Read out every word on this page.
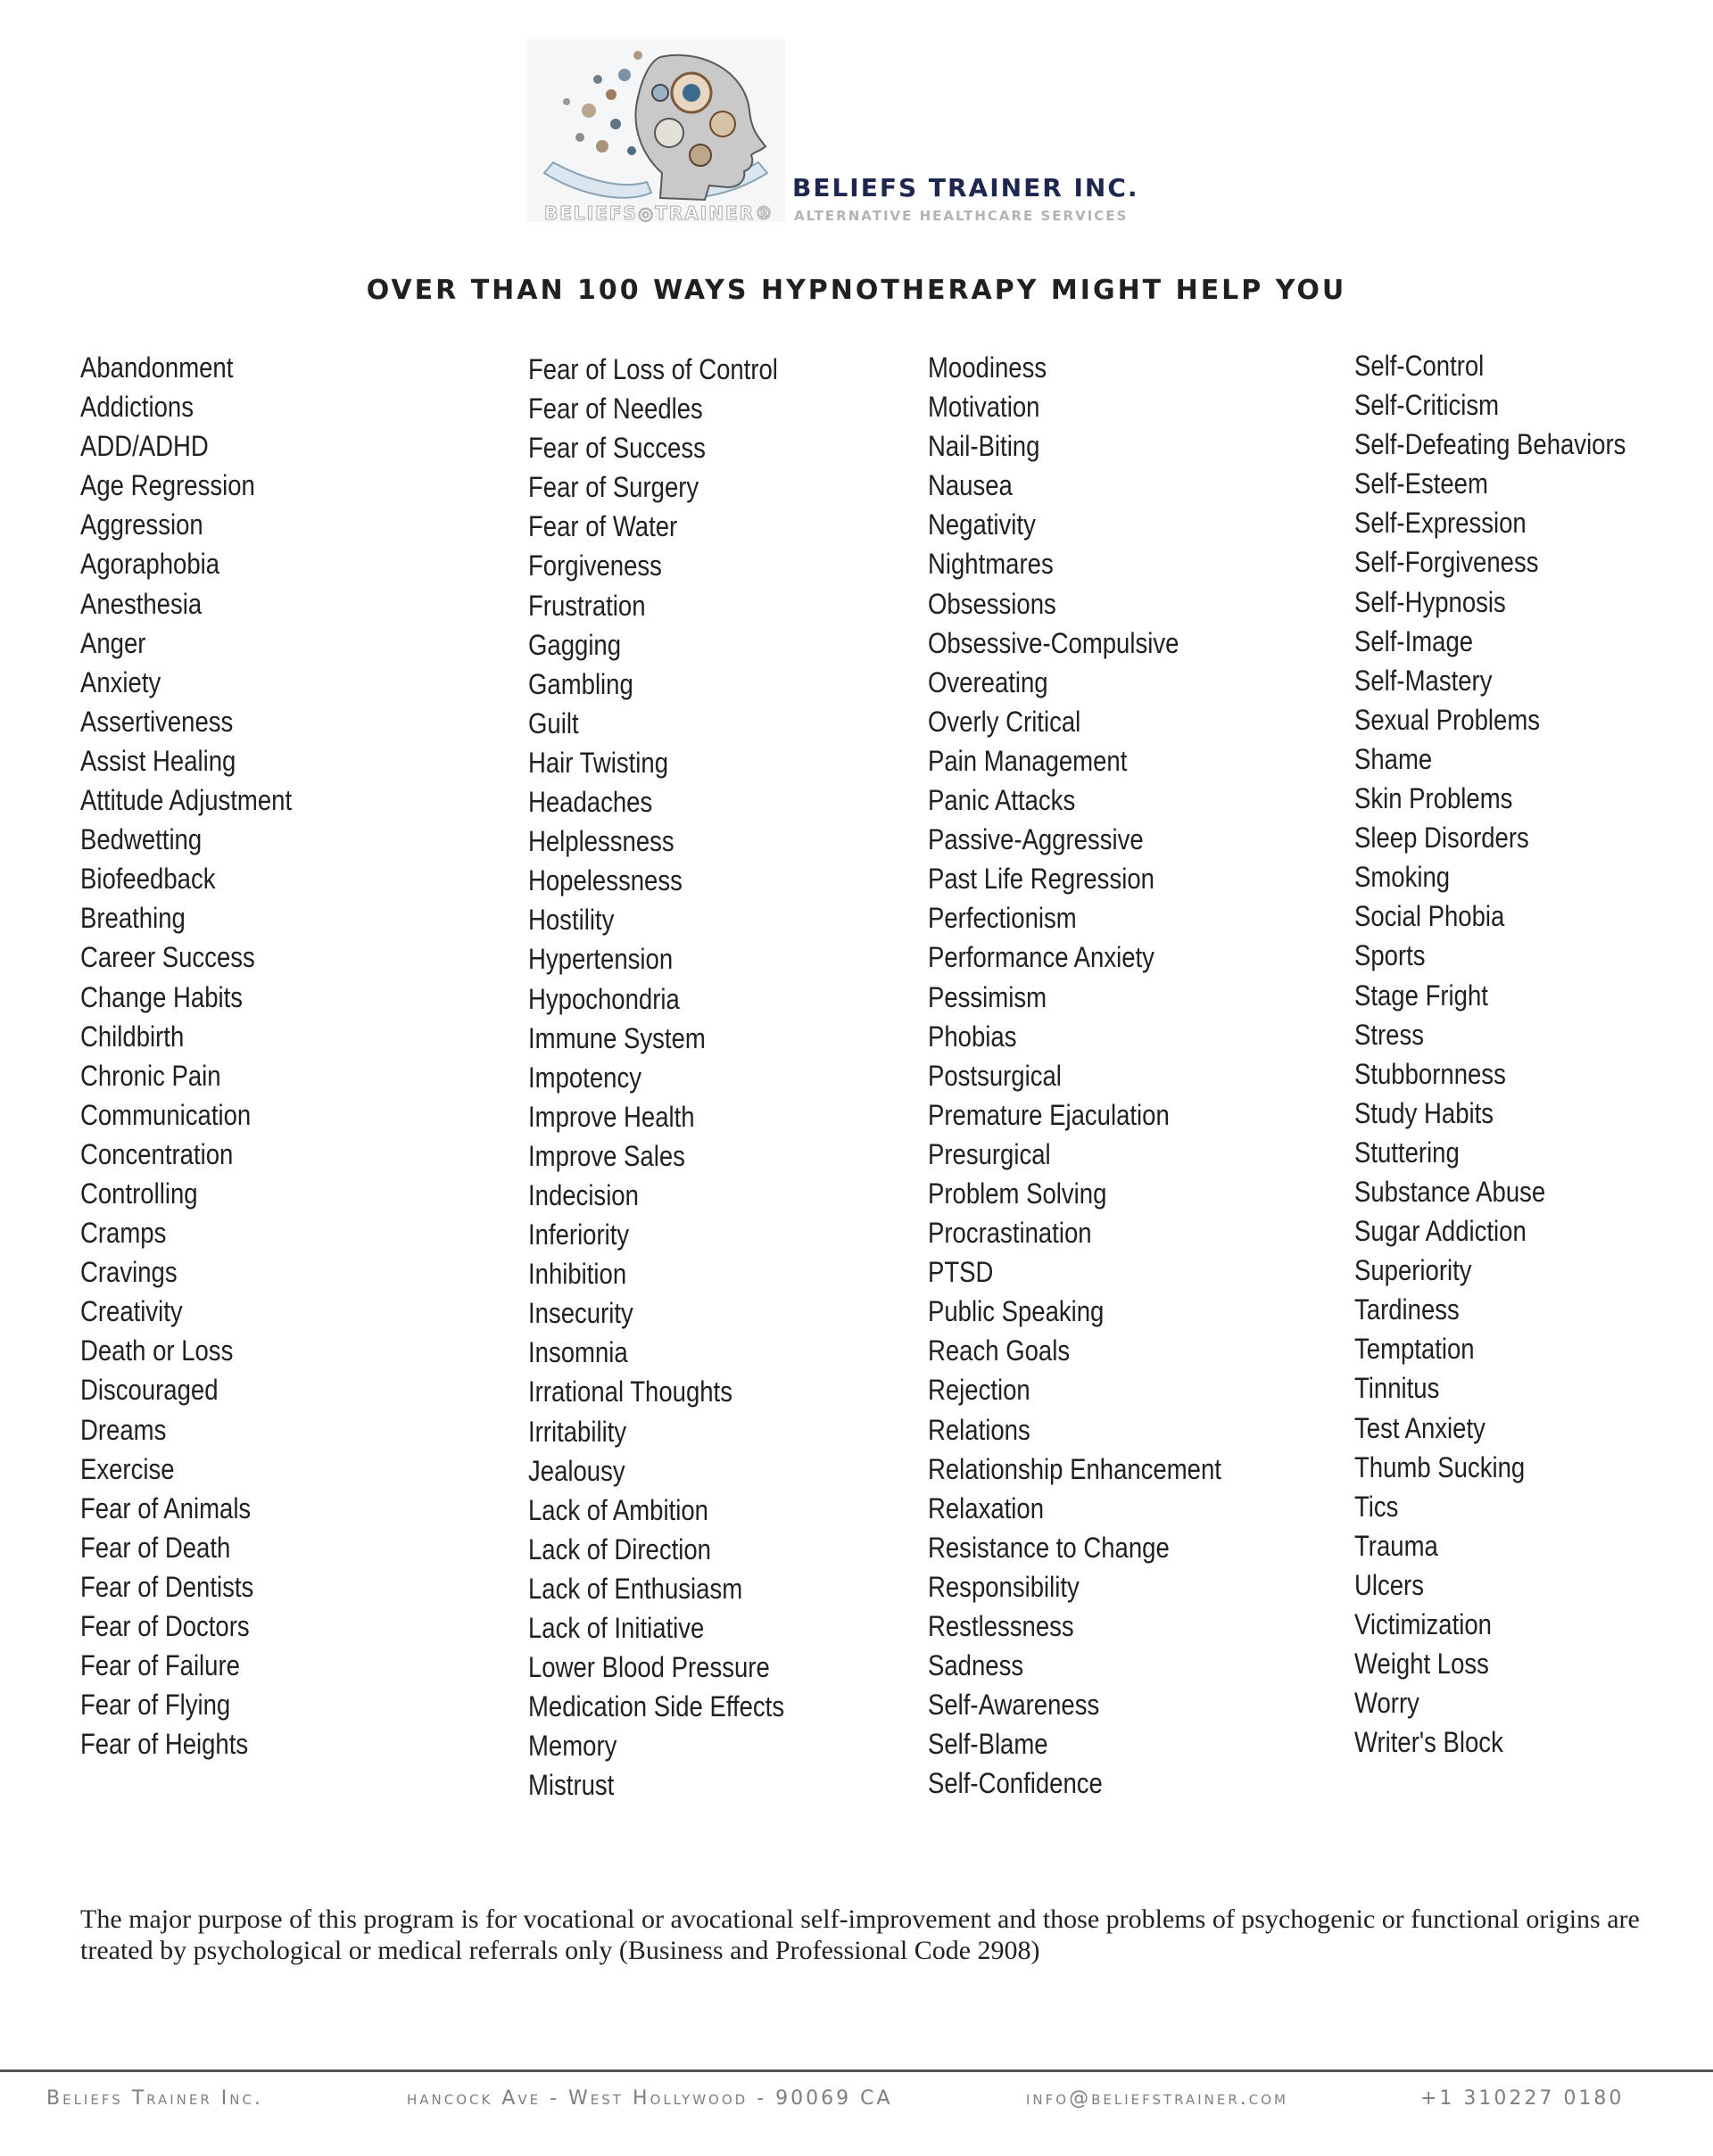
BELIEFS◎TRAINER®
BELIEFS TRAINER INC.
ALTERNATIVE HEALTHCARE SERVICES
OVER THAN 100 WAYS HYPNOTHERAPY MIGHT HELP YOU
Abandonment
Addictions
ADD/ADHD
Age Regression
Aggression
Agoraphobia
Anesthesia
Anger
Anxiety
Assertiveness
Assist Healing
Attitude Adjustment
Bedwetting
Biofeedback
Breathing
Career Success
Change Habits
Childbirth
Chronic Pain
Communication
Concentration
Controlling
Cramps
Cravings
Creativity
Death or Loss
Discouraged
Dreams
Exercise
Fear of Animals
Fear of Death
Fear of Dentists
Fear of Doctors
Fear of Failure
Fear of Flying
Fear of Heights
Fear of Loss of Control
Fear of Needles
Fear of Success
Fear of Surgery
Fear of Water
Forgiveness
Frustration
Gagging
Gambling
Guilt
Hair Twisting
Headaches
Helplessness
Hopelessness
Hostility
Hypertension
Hypochondria
Immune System
Impotency
Improve Health
Improve Sales
Indecision
Inferiority
Inhibition
Insecurity
Insomnia
Irrational Thoughts
Irritability
Jealousy
Lack of Ambition
Lack of Direction
Lack of Enthusiasm
Lack of Initiative
Lower Blood Pressure
Medication Side Effects
Memory
Mistrust
Moodiness
Motivation
Nail-Biting
Nausea
Negativity
Nightmares
Obsessions
Obsessive-Compulsive
Overeating
Overly Critical
Pain Management
Panic Attacks
Passive-Aggressive
Past Life Regression
Perfectionism
Performance Anxiety
Pessimism
Phobias
Postsurgical
Premature Ejaculation
Presurgical
Problem Solving
Procrastination
PTSD
Public Speaking
Reach Goals
Rejection
Relations
Relationship Enhancement
Relaxation
Resistance to Change
Responsibility
Restlessness
Sadness
Self-Awareness
Self-Blame
Self-Confidence
Self-Control
Self-Criticism
Self-Defeating Behaviors
Self-Esteem
Self-Expression
Self-Forgiveness
Self-Hypnosis
Self-Image
Self-Mastery
Sexual Problems
Shame
Skin Problems
Sleep Disorders
Smoking
Social Phobia
Sports
Stage Fright
Stress
Stubbornness
Study Habits
Stuttering
Substance Abuse
Sugar Addiction
Superiority
Tardiness
Temptation
Tinnitus
Test Anxiety
Thumb Sucking
Tics
Trauma
Ulcers
Victimization
Weight Loss
Worry
Writer's Block
The major purpose of this program is for vocational or avocational self-improvement and those problems of psychogenic or functional origins are treated by psychological or medical referrals only (Business and Professional Code 2908)
Beliefs Trainer Inc.	hancock Ave - West Hollywood - 90069 CA	info@beliefstrainer.com	+1 310227 0180
